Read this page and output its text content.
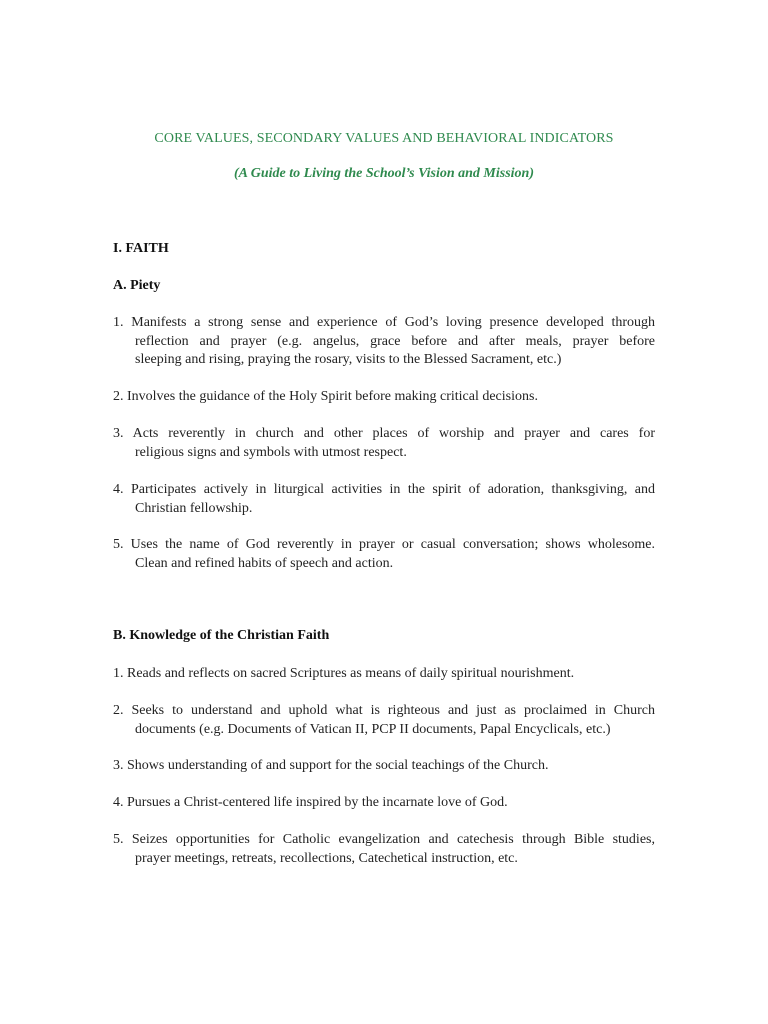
CORE VALUES, SECONDARY VALUES AND BEHAVIORAL INDICATORS
(A Guide to Living the School’s Vision and Mission)
I. FAITH
A. Piety

1. Manifests a strong sense and experience of God’s loving presence developed through

reflection and prayer (e.g. angelus, grace before and after meals, prayer before

sleeping and rising, praying the rosary, visits to the Blessed Sacrament, etc.)

2. Involves the guidance of the Holy Spirit before making critical decisions.

3. Acts reverently in church and other places of worship and prayer and cares for

religious signs and symbols with utmost respect.

4. Participates actively in liturgical activities in the spirit of adoration, thanksgiving, and

Christian fellowship.

5. Uses the name of God reverently in prayer or casual conversation; shows wholesome.

Clean and refined habits of speech and action.

B. Knowledge of the Christian Faith

1. Reads and reflects on sacred Scriptures as means of daily spiritual nourishment.

2. Seeks to understand and uphold what is righteous and just as proclaimed in Church

documents (e.g. Documents of Vatican II, PCP II documents, Papal Encyclicals, etc.)

3. Shows understanding of and support for the social teachings of the Church.

4. Pursues a Christ-centered life inspired by the incarnate love of God.

5. Seizes opportunities for Catholic evangelization and catechesis through Bible studies,

prayer meetings, retreats, recollections, Catechetical instruction, etc.
